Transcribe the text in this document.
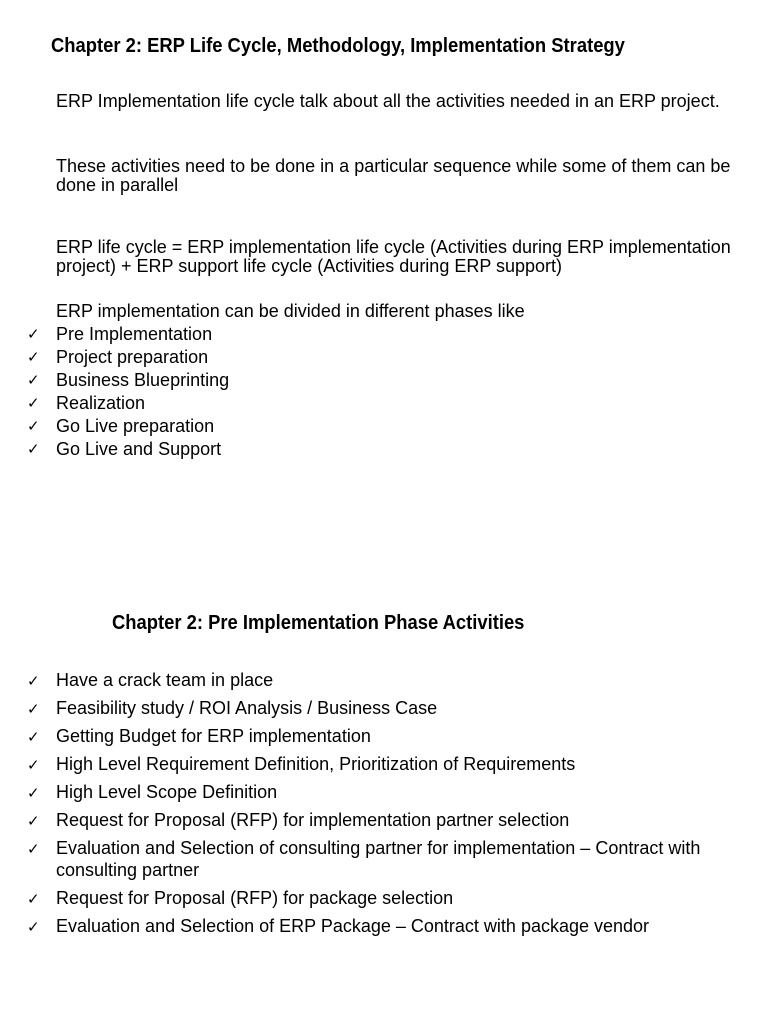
Chapter 2: ERP Life Cycle, Methodology, Implementation Strategy

ERP Implementation life cycle talk about all the activities needed in an ERP project.

These activities need to be done in a particular sequence while some of them can be done in parallel

ERP life cycle = ERP implementation life cycle (Activities during ERP implementation project) + ERP support life cycle (Activities during ERP support)

ERP implementation can be divided in different phases like

✓ Pre Implementation
✓ Project preparation
✓ Business Blueprinting
✓ Realization
✓ Go Live preparation
✓ Go Live and Support
Chapter 2: Pre Implementation Phase Activities
✓ Have a crack team in place
✓ Feasibility study / ROI Analysis / Business Case
✓ Getting Budget for ERP implementation
✓ High Level Requirement Definition, Prioritization of Requirements
✓ High Level Scope Definition
✓ Request for Proposal (RFP) for implementation partner selection
✓ Evaluation and Selection of consulting partner for implementation – Contract with consulting partner
✓ Request for Proposal (RFP) for package selection
✓ Evaluation and Selection of ERP Package – Contract with package vendor
